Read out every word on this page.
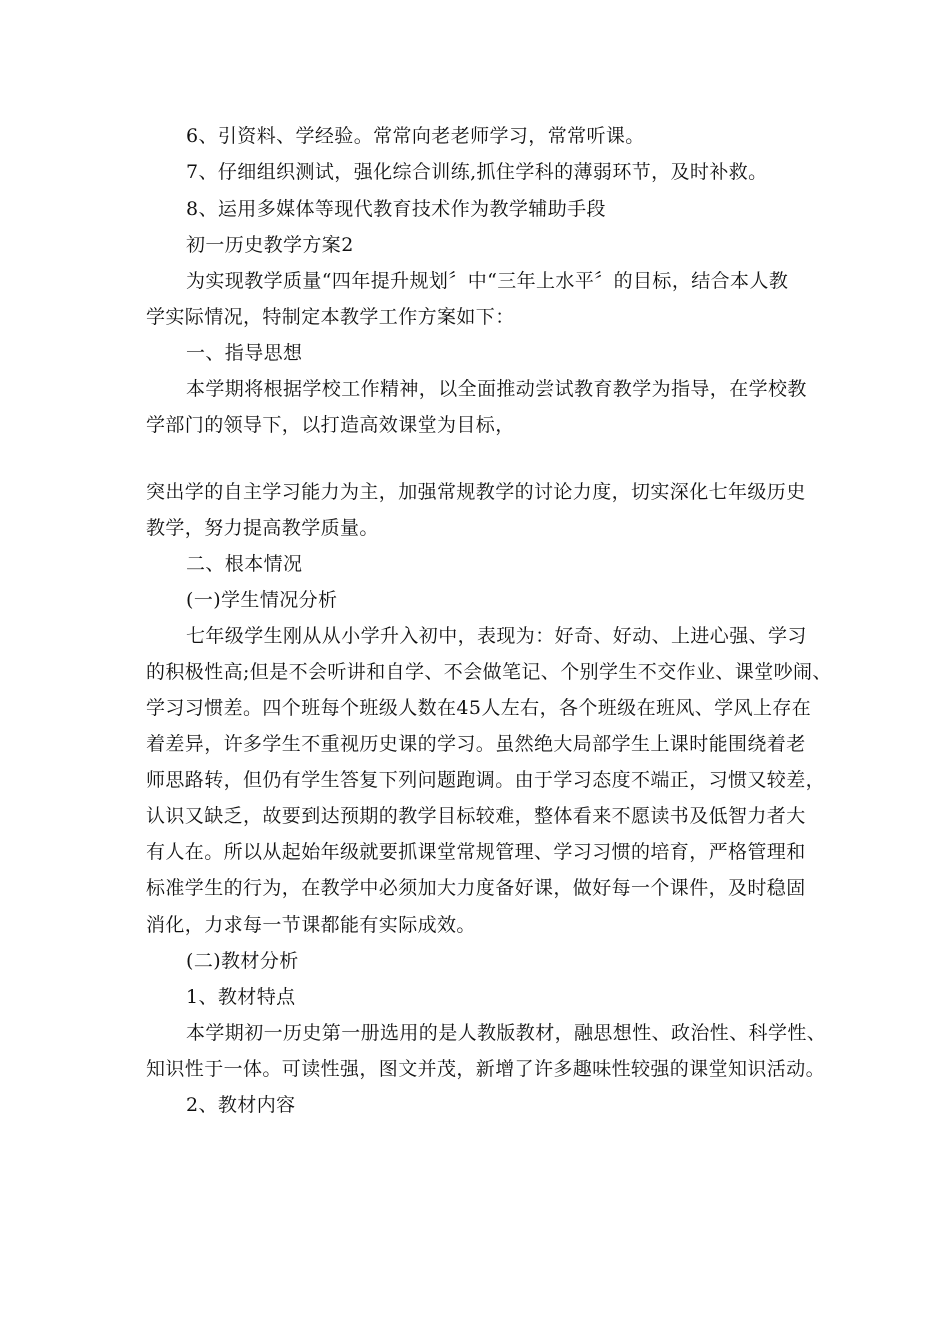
6、引资料、学经验。常常向老老师学习，常常听课。
7、仔细组织测试，强化综合训练,抓住学科的薄弱环节，及时补救。
8、运用多媒体等现代教育技术作为教学辅助手段
初一历史教学方案2
为实现教学质量“四年提升规划〞中“三年上水平〞的目标，结合本人教
学实际情况，特制定本教学工作方案如下：
一、指导思想
本学期将根据学校工作精神，以全面推动尝试教育教学为指导，在学校教
学部门的领导下，以打造高效课堂为目标，
突出学的自主学习能力为主，加强常规教学的讨论力度，切实深化七年级历史
教学，努力提高教学质量。
二、根本情况
(一)学生情况分析
七年级学生刚从从小学升入初中，表现为：好奇、好动、上进心强、学习
的积极性高;但是不会听讲和自学、不会做笔记、个别学生不交作业、课堂吵闹、
学习习惯差。四个班每个班级人数在45人左右，各个班级在班风、学风上存在
着差异，许多学生不重视历史课的学习。虽然绝大局部学生上课时能围绕着老
师思路转，但仍有学生答复下列问题跑调。由于学习态度不端正，习惯又较差，
认识又缺乏，故要到达预期的教学目标较难，整体看来不愿读书及低智力者大
有人在。所以从起始年级就要抓课堂常规管理、学习习惯的培育，严格管理和
标准学生的行为，在教学中必须加大力度备好课，做好每一个课件，及时稳固
消化，力求每一节课都能有实际成效。
(二)教材分析
1、教材特点
本学期初一历史第一册选用的是人教版教材，融思想性、政治性、科学性、
知识性于一体。可读性强，图文并茂，新增了许多趣味性较强的课堂知识活动。
2、教材内容
